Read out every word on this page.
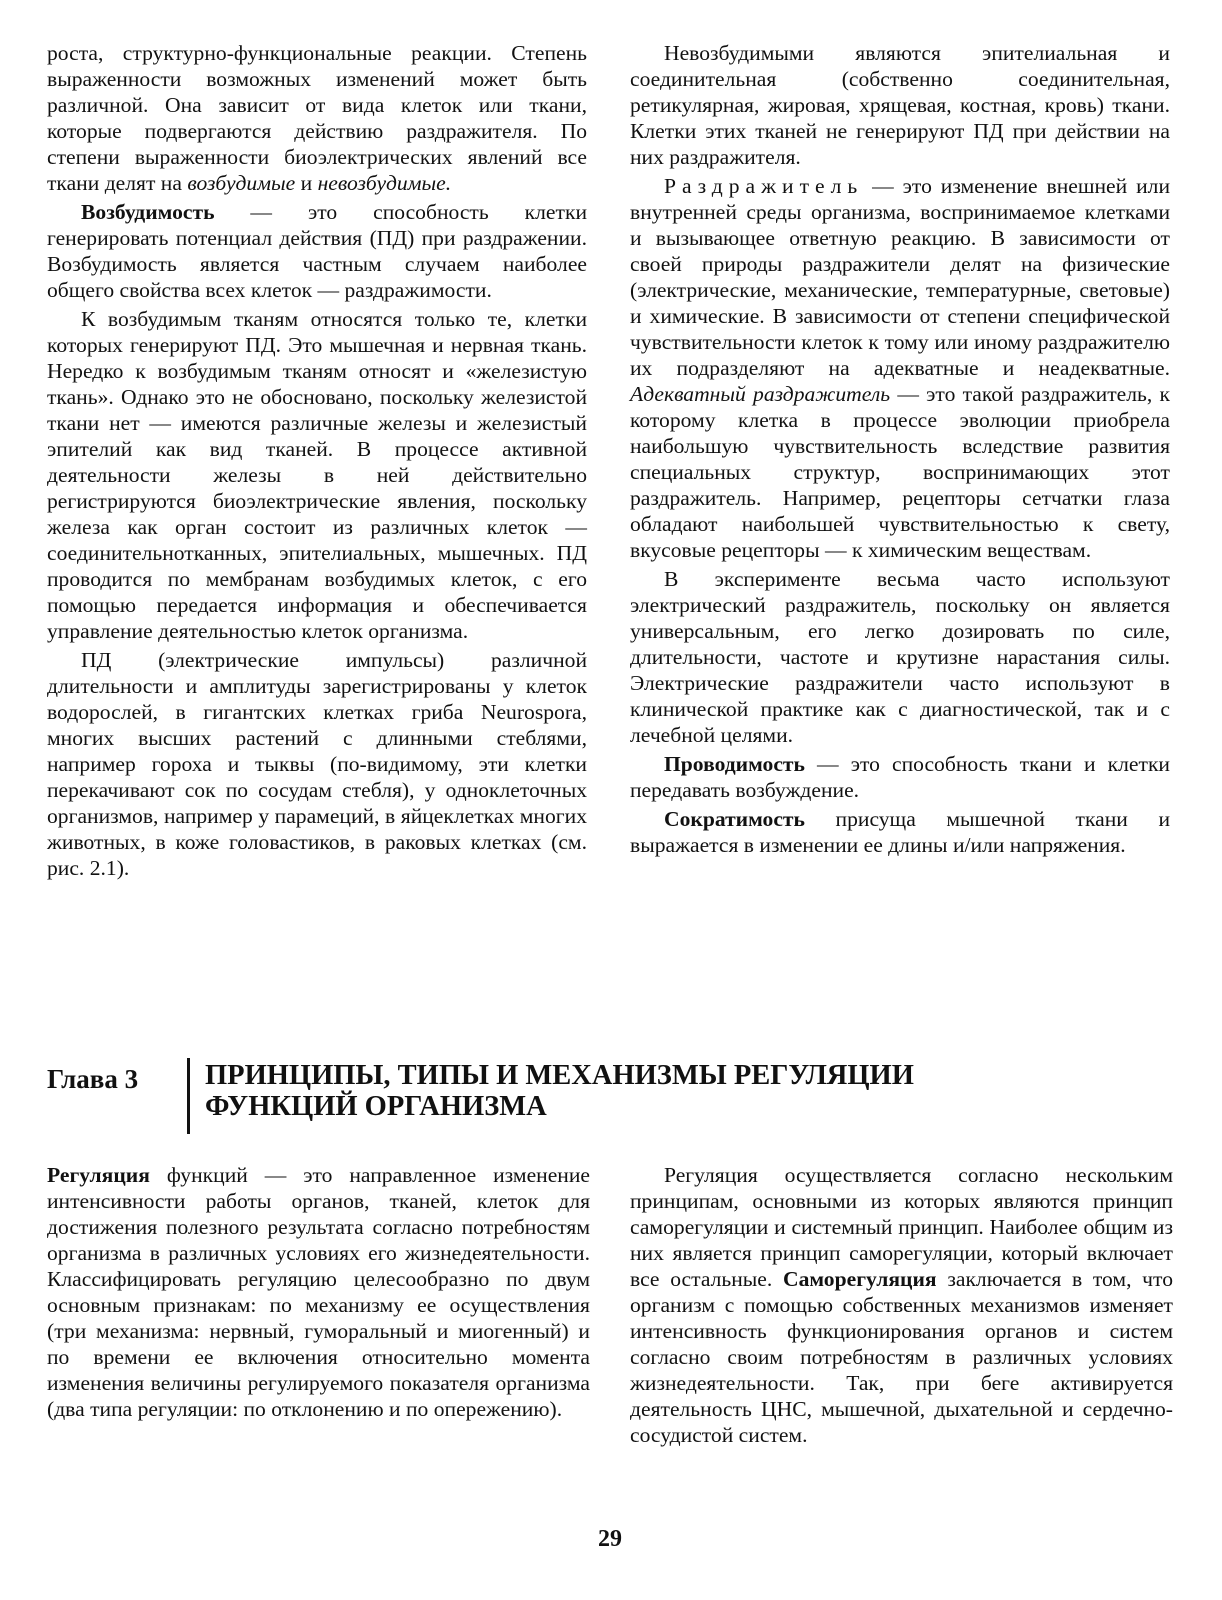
роста, структурно-функциональные реакции. Степень выраженности возможных изменений может быть различной. Она зависит от вида клеток или ткани, которые подвергаются действию раздражителя. По степени выраженности биоэлектрических явлений все ткани делят на возбудимые и невозбудимые.

Возбудимость — это способность клетки генерировать потенциал действия (ПД) при раздражении. Возбудимость является частным случаем наиболее общего свойства всех клеток — раздражимости.

К возбудимым тканям относятся только те, клетки которых генерируют ПД. Это мышечная и нервная ткань. Нередко к возбудимым тканям относят и «железистую ткань». Однако это не обосновано, поскольку железистой ткани нет — имеются различные железы и железистый эпителий как вид тканей. В процессе активной деятельности железы в ней действительно регистрируются биоэлектрические явления, поскольку железа как орган состоит из различных клеток — соединительнотканных, эпителиальных, мышечных. ПД проводится по мембранам возбудимых клеток, с его помощью передается информация и обеспечивается управление деятельностью клеток организма.

ПД (электрические импульсы) различной длительности и амплитуды зарегистрированы у клеток водорослей, в гигантских клетках гриба Neurospora, многих высших растений с длинными стеблями, например гороха и тыквы (по-видимому, эти клетки перекачивают сок по сосудам стебля), у одноклеточных организмов, например у парамеций, в яйцеклетках многих животных, в коже головастиков, в раковых клетках (см. рис. 2.1).

Невозбудимыми являются эпителиальная и соединительная (собственно соединительная, ретикулярная, жировая, хрящевая, костная, кровь) ткани. Клетки этих тканей не генерируют ПД при действии на них раздражителя.

Раздражитель — это изменение внешней или внутренней среды организма, воспринимаемое клетками и вызывающее ответную реакцию. В зависимости от своей природы раздражители делят на физические (электрические, механические, температурные, световые) и химические. В зависимости от степени специфической чувствительности клеток к тому или иному раздражителю их подразделяют на адекватные и неадекватные. Адекватный раздражитель — это такой раздражитель, к которому клетка в процессе эволюции приобрела наибольшую чувствительность вследствие развития специальных структур, воспринимающих этот раздражитель. Например, рецепторы сетчатки глаза обладают наибольшей чувствительностью к свету, вкусовые рецепторы — к химическим веществам.

В эксперименте весьма часто используют электрический раздражитель, поскольку он является универсальным, его легко дозировать по силе, длительности, частоте и крутизне нарастания силы. Электрические раздражители часто используют в клинической практике как с диагностической, так и с лечебной целями.

Проводимость — это способность ткани и клетки передавать возбуждение.

Сократимость присуща мышечной ткани и выражается в изменении ее длины и/или напряжения.

Глава 3 ПРИНЦИПЫ, ТИПЫ И МЕХАНИЗМЫ РЕГУЛЯЦИИ
ФУНКЦИЙ ОРГАНИЗМА

Регуляция функций — это направленное изменение интенсивности работы органов, тканей, клеток для достижения полезного результата согласно потребностям организма в различных условиях его жизнедеятельности. Классифицировать регуляцию целесообразно по двум основным признакам: по механизму ее осуществления (три механизма: нервный, гуморальный и миогенный) и по времени ее включения относительно момента изменения величины регулируемого показателя организма (два типа регуляции: по отклонению и по опережению).

Регуляция осуществляется согласно нескольким принципам, основными из которых являются принцип саморегуляции и системный принцип. Наиболее общим из них является принцип саморегуляции, который включает все остальные. Саморегуляция заключается в том, что организм с помощью собственных механизмов изменяет интенсивность функционирования органов и систем согласно своим потребностям в различных условиях жизнедеятельности. Так, при беге активируется деятельность ЦНС, мышечной, дыхательной и сердечно-сосудистой систем.

29
